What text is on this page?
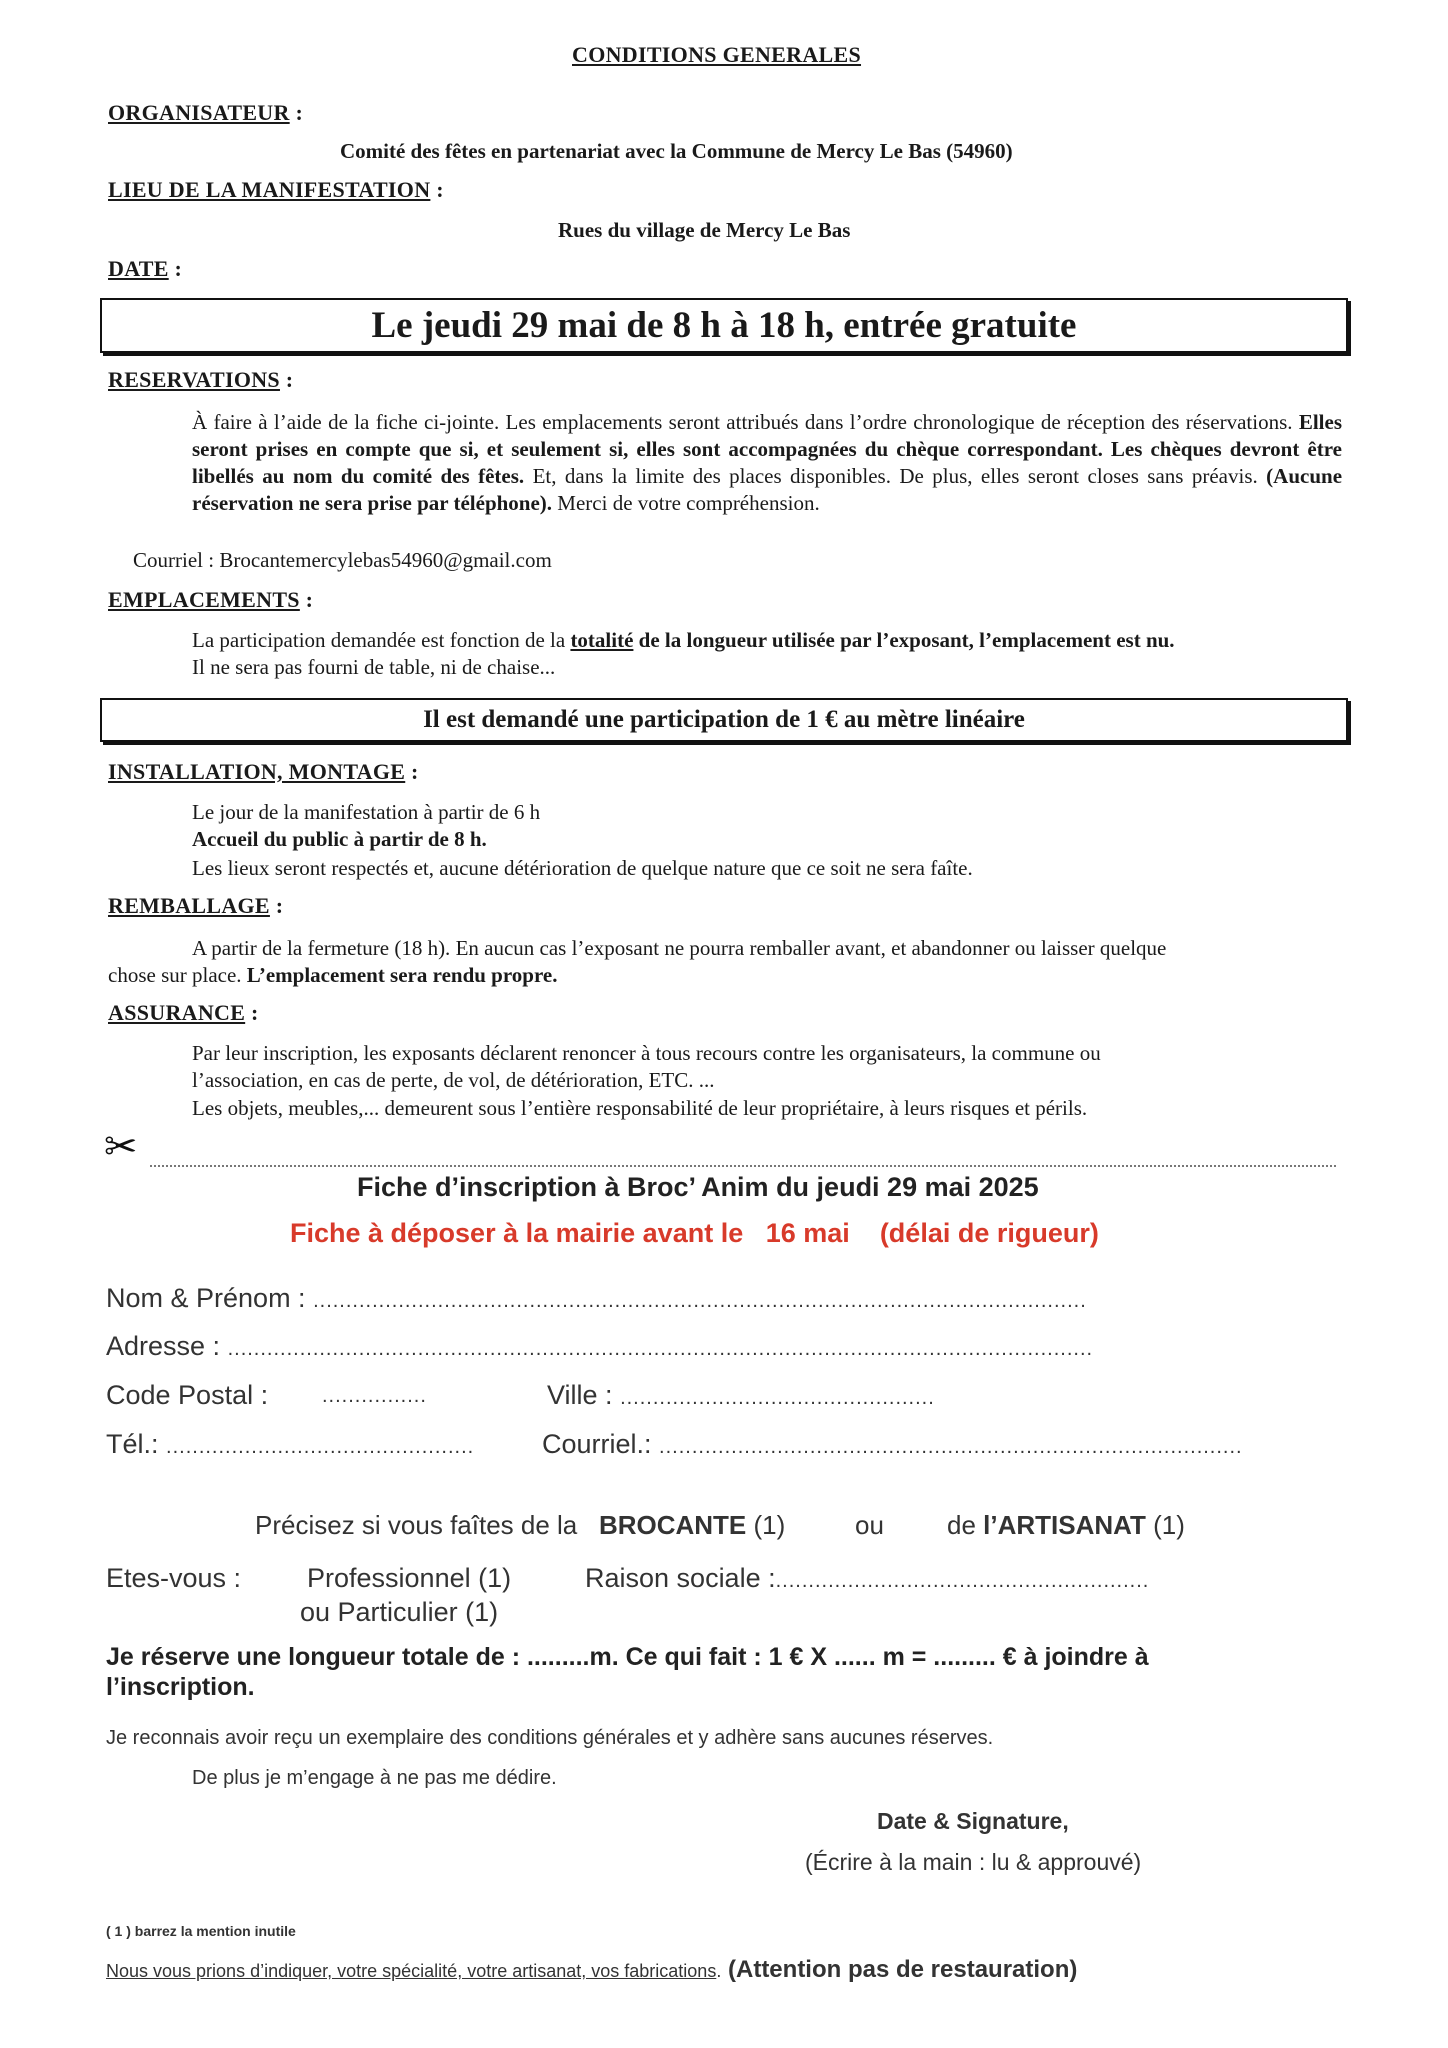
CONDITIONS GENERALES
ORGANISATEUR :
Comité des fêtes en partenariat avec la Commune de Mercy Le Bas (54960)
LIEU DE LA MANIFESTATION :
Rues du village de Mercy Le Bas
DATE :
Le jeudi 29 mai de 8 h à 18 h, entrée gratuite
RESERVATIONS :
À faire à l’aide de la fiche ci-jointe. Les emplacements seront attribués dans l’ordre chronologique de réception des réservations. Elles seront prises en compte que si, et seulement si, elles sont accompagnées du chèque correspondant. Les chèques devront être libellés au nom du comité des fêtes. Et, dans la limite des places disponibles. De plus, elles seront closes sans préavis. (Aucune réservation ne sera prise par téléphone). Merci de votre compréhension.
Courriel : Brocantemercylebas54960@gmail.com
EMPLACEMENTS :
La participation demandée est fonction de la totalité de la longueur utilisée par l’exposant, l’emplacement est nu.
Il ne sera pas fourni de table, ni de chaise...
Il est demandé une participation de 1 € au mètre linéaire
INSTALLATION, MONTAGE :
Le jour de la manifestation à partir de 6 h
Accueil du public à partir de 8 h.
Les lieux seront respectés et, aucune détérioration de quelque nature que ce soit ne sera faîte.
REMBALLAGE :
A partir de la fermeture (18 h). En aucun cas l’exposant ne pourra remballer avant, et abandonner ou laisser quelque
chose sur place. L’emplacement sera rendu propre.
ASSURANCE :
Par leur inscription, les exposants déclarent renoncer à tous recours contre les organisateurs, la commune ou
l’association, en cas de perte, de vol, de détérioration, ETC. ...
Les objets, meubles,... demeurent sous l’entière responsabilité de leur propriétaire, à leurs risques et périls.
✂
Fiche d’inscription à Broc’ Anim du jeudi 29 mai 2025
Fiche à déposer à la mairie avant le 16 mai (délai de rigueur)
Nom & Prénom : ......................................................................................................................
Adresse : ....................................................................................................................................
Code Postal :	................	Ville : ................................................
Tél.: ...............................................	Courriel.: .........................................................................................
Précisez si vous faîtes de la BROCANTE (1)	ou de l’ARTISANAT (1)
Etes-vous : Professionnel (1)	Raison sociale :.........................................................
ou Particulier (1)
Je réserve une longueur totale de : .........m. Ce qui fait : 1 € X ...... m = ......... € à joindre à
l’inscription.
Je reconnais avoir reçu un exemplaire des conditions générales et y adhère sans aucunes réserves.
De plus je m’engage à ne pas me dédire.
Date & Signature,
(Écrire à la main : lu & approuvé)
( 1 ) barrez la mention inutile
Nous vous prions d’indiquer, votre spécialité, votre artisanat, vos fabrications. (Attention pas de restauration)
